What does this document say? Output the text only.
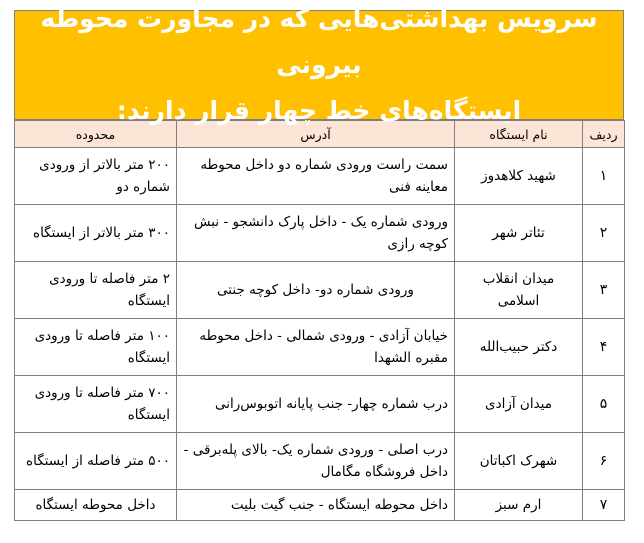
سرویس بهداشتی‌هایی که در مجاورت محوطه بیرونی
ایستگاه‌های خط چهار قرار دارند:
ردیف	نام ایستگاه	آدرس	محدوده
۱	شهید کلاهدوز	سمت راست ورودی شماره دو داخل محوطه معاینه فنی	۲۰۰ متر بالاتر از ورودی شماره دو
۲	تئاتر شهر	ورودی شماره یک - داخل پارک دانشجو - نبش کوچه رازی	۳۰۰ متر بالاتر از ایستگاه
۳	میدان انقلاب اسلامی	ورودی شماره دو- داخل کوچه جنتی	۲ متر فاصله تا ورودی ایستگاه
۴	دکتر حبیب‌الله	خیابان آزادی - ورودی شمالی - داخل محوطه مقبره الشهدا	۱۰۰ متر فاصله تا ورودی ایستگاه
۵	میدان آزادی	درب شماره چهار- جنب پایانه اتوبوس‌رانی	۷۰۰ متر فاصله تا ورودی ایستگاه
۶	شهرک اکباتان	درب اصلی - ورودی شماره یک- بالای پله‌برقی - داخل فروشگاه مگامال	۵۰۰ متر فاصله از ایستگاه
۷	ارم سبز	داخل محوطه ایستگاه - جنب گیت بلیت	داخل محوطه ایستگاه
